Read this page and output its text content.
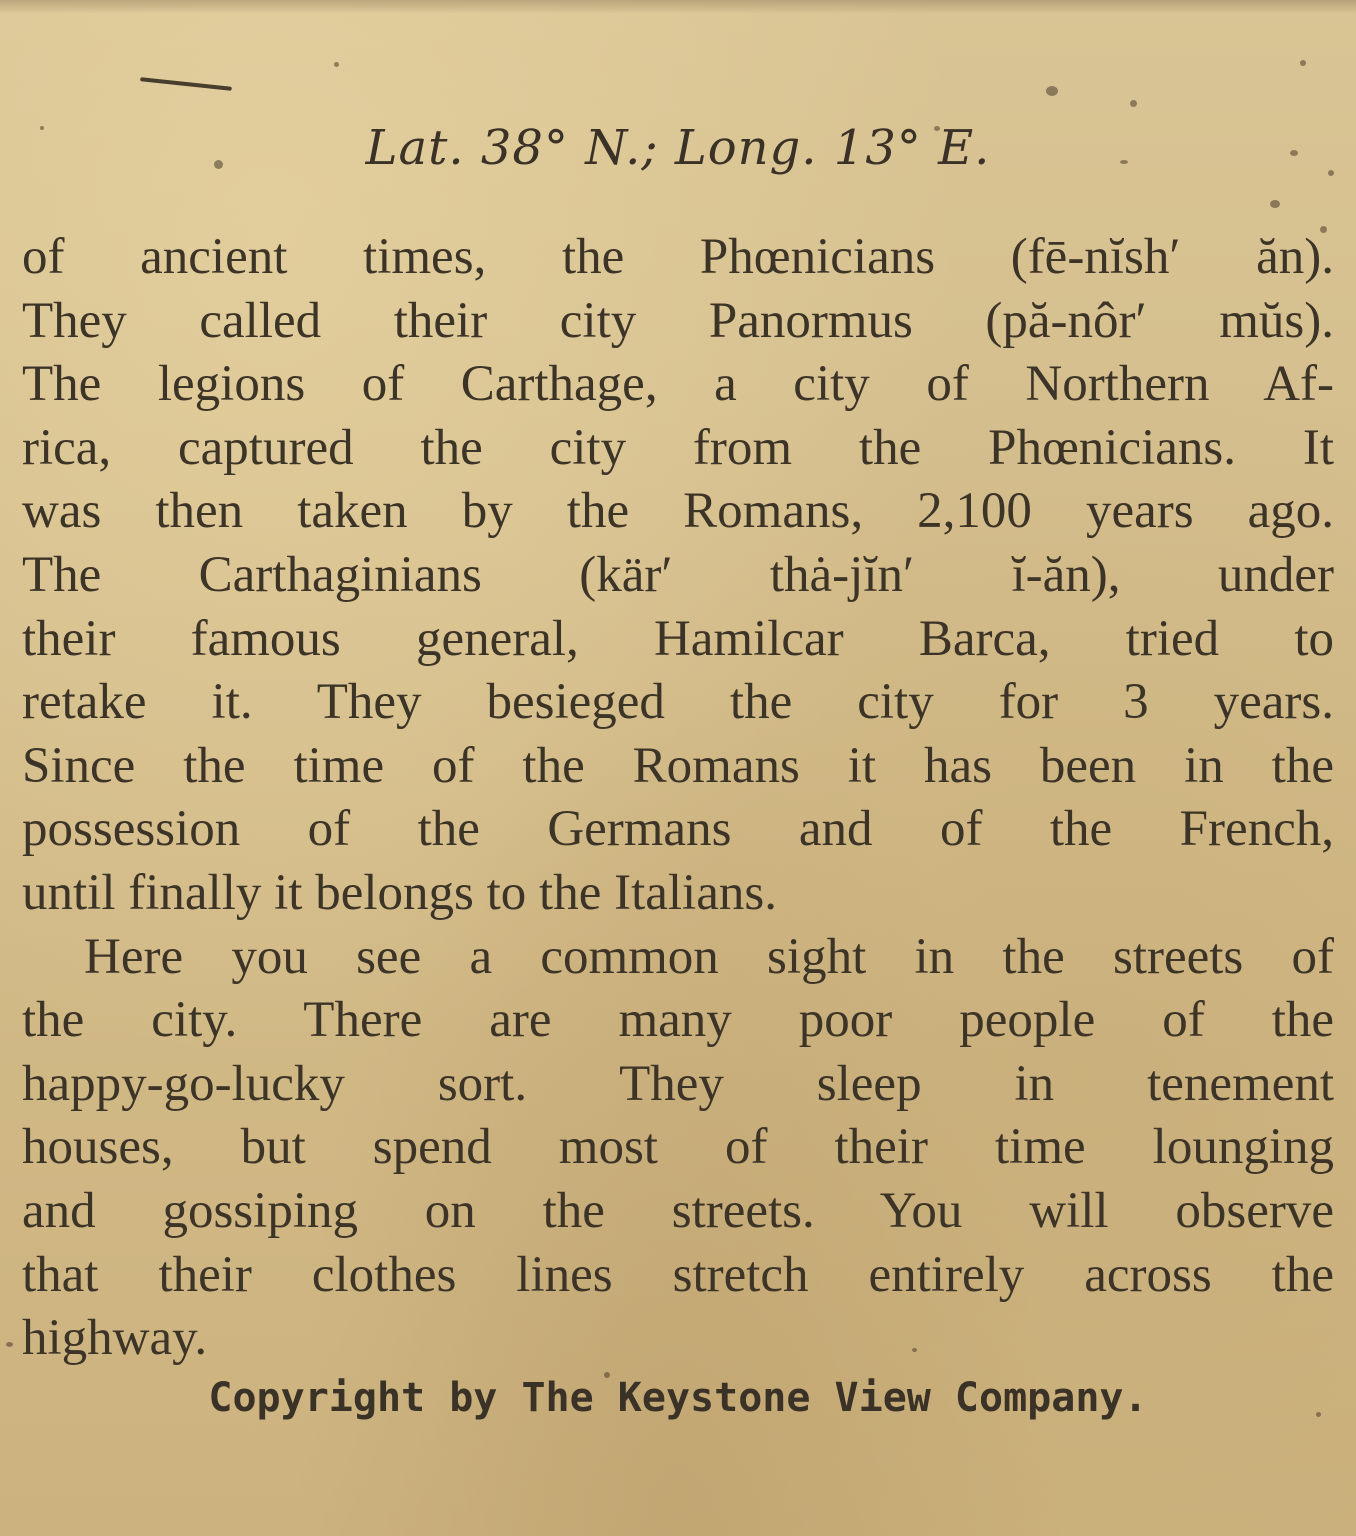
Lat. 38° N.; Long. 13° E.
of ancient times, the Phœnicians (fē-nĭsh′ ăn).
They called their city Panormus (pă-nôr′ mŭs).
The legions of Carthage, a city of Northern Af-
rica, captured the city from the Phœnicians. It
was then taken by the Romans, 2,100 years ago.
The Carthaginians (kär′ thȧ-jĭn′ ĭ-ăn), under
their famous general, Hamilcar Barca, tried to
retake it. They besieged the city for 3 years.
Since the time of the Romans it has been in the
possession of the Germans and of the French,
until finally it belongs to the Italians.
Here you see a common sight in the streets of
the city. There are many poor people of the
happy-go-lucky sort. They sleep in tenement
houses, but spend most of their time lounging
and gossiping on the streets. You will observe
that their clothes lines stretch entirely across the
highway.
Copyright by The Keystone View Company.
